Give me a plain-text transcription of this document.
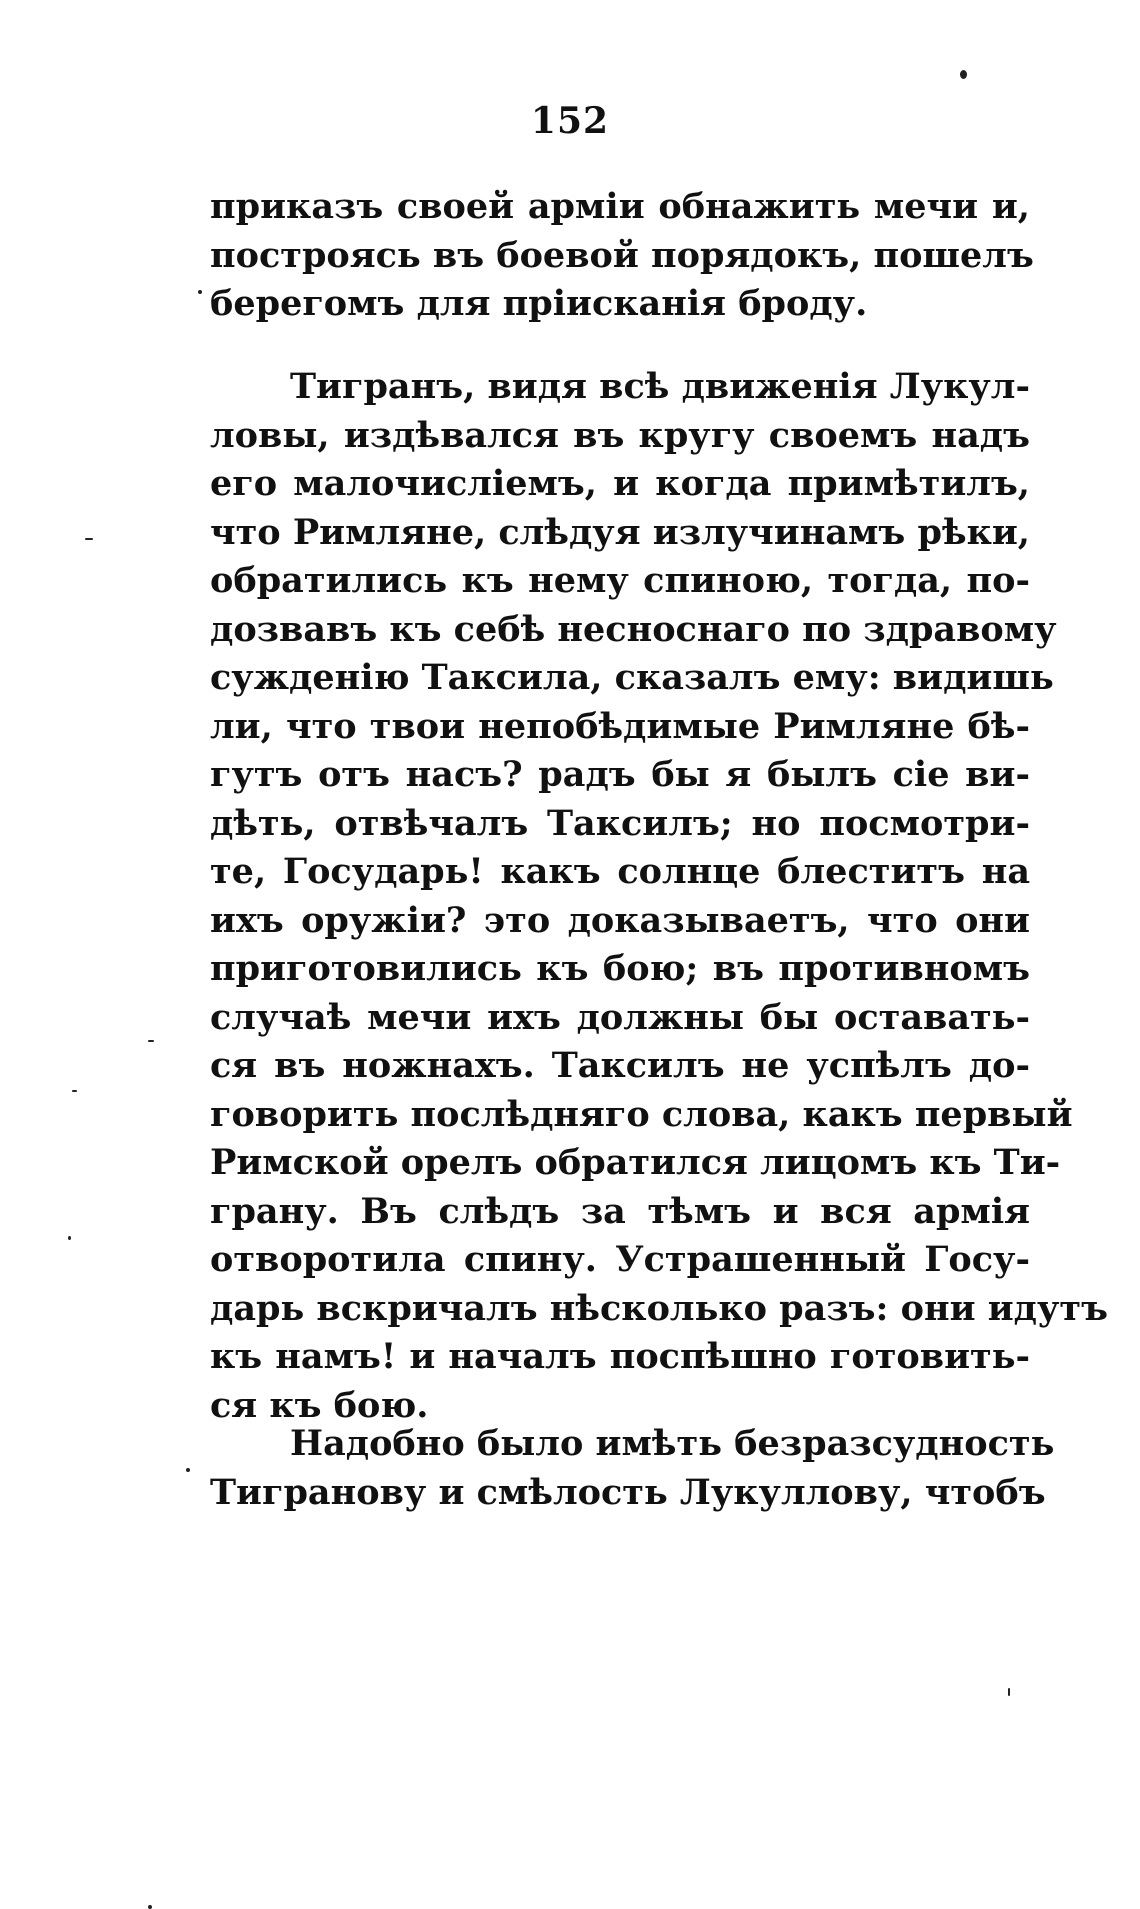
152
приказъ своей арміи обнажить мечи и,
построясь въ боевой порядокъ, пошелъ
берегомъ для пріисканія броду.
Тигранъ, видя всѣ движенія Лукул-
ловы, издѣвался въ кругу своемъ надъ
его малочисліемъ, и когда примѣтилъ,
что Римляне, слѣдуя излучинамъ рѣки,
обратились къ нему спиною, тогда, по-
дозвавъ къ себѣ несноснаго по здравому
сужденію Таксила, сказалъ ему: видишь
ли, что твои непобѣдимые Римляне бѣ-
гутъ отъ насъ? радъ бы я былъ сіе ви-
дѣть, отвѣчалъ Таксилъ; но посмотри-
те, Государь! какъ солнце блеститъ на
ихъ оружіи? это доказываетъ, что они
приготовились къ бою; въ противномъ
случаѣ мечи ихъ должны бы оставать-
ся въ ножнахъ. Таксилъ не успѣлъ до-
говорить послѣдняго слова, какъ первый
Римской орелъ обратился лицомъ къ Ти-
грану. Въ слѣдъ за тѣмъ и вся армія
отворотила спину. Устрашенный Госу-
дарь вскричалъ нѣсколько разъ: они идутъ
къ намъ! и началъ поспѣшно готовить-
ся къ бою.
Надобно было имѣть безразсудность
Тигранову и смѣлость Лукуллову, чтобъ
